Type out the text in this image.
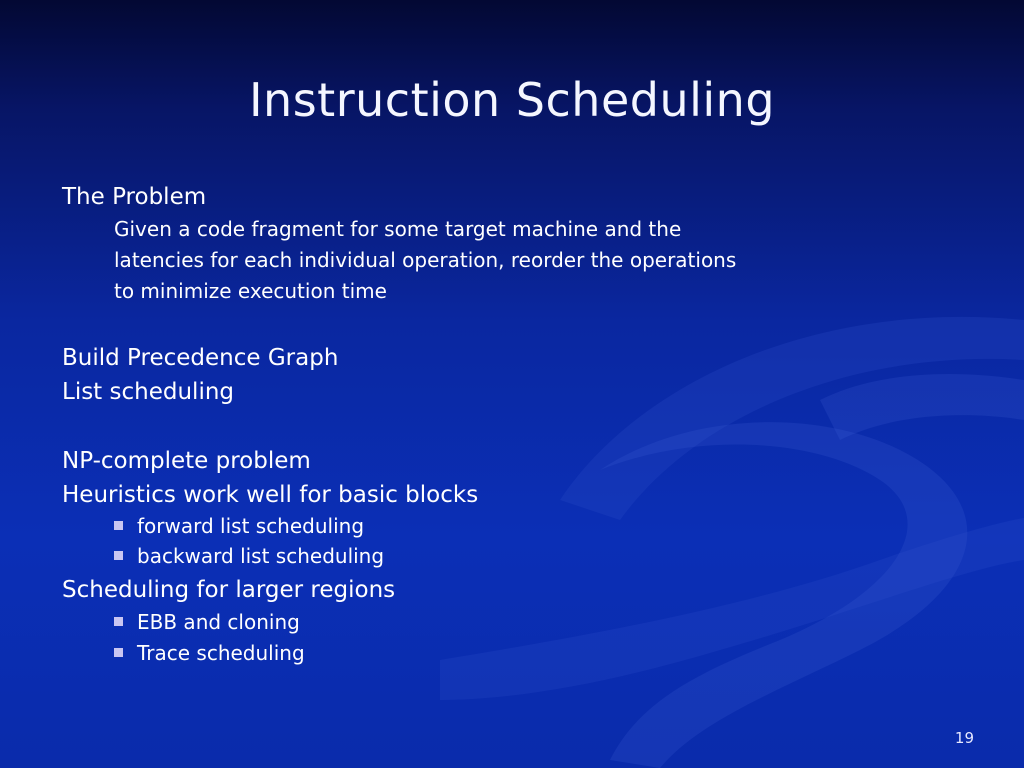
Instruction Scheduling
The Problem
Given a code fragment for some target machine and the
latencies for each individual operation, reorder the operations
to minimize execution time
Build Precedence Graph
List scheduling
NP-complete problem
Heuristics work well for basic blocks
forward list scheduling
backward list scheduling
Scheduling for larger regions
EBB and cloning
Trace scheduling
19
